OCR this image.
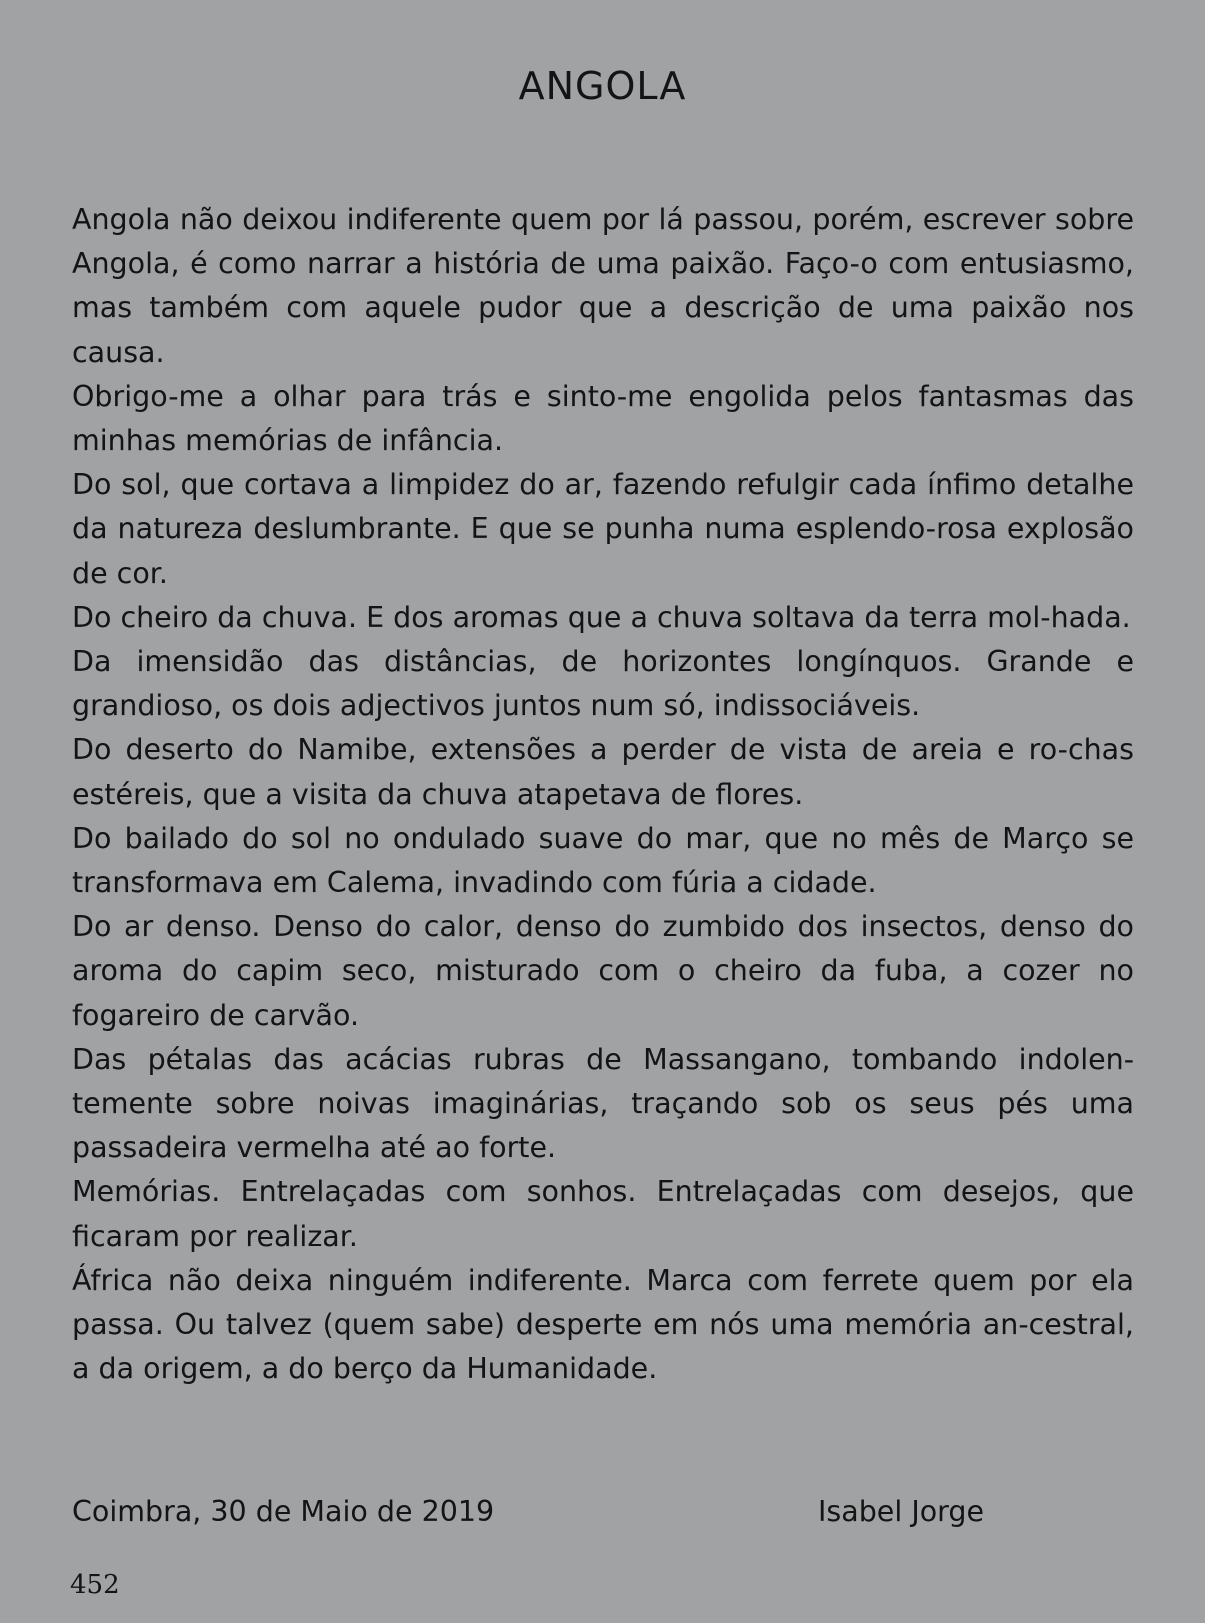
ANGOLA

Angola não deixou indiferente quem por lá passou, porém, escrever sobre Angola, é como narrar a história de uma paixão. Faço-o com entusiasmo, mas também com aquele pudor que a descrição de uma paixão nos causa.

Obrigo-me a olhar para trás e sinto-me engolida pelos fantasmas das minhas memórias de infância.

Do sol, que cortava a limpidez do ar, fazendo refulgir cada ínfimo detalhe da natureza deslumbrante. E que se punha numa esplendo-rosa explosão de cor.

Do cheiro da chuva. E dos aromas que a chuva soltava da terra mol-hada.

Da imensidão das distâncias, de horizontes longínquos. Grande e grandioso, os dois adjectivos juntos num só, indissociáveis.

Do deserto do Namibe, extensões a perder de vista de areia e ro-chas estéreis, que a visita da chuva atapetava de flores.

Do bailado do sol no ondulado suave do mar, que no mês de Março se transformava em Calema, invadindo com fúria a cidade.

Do ar denso. Denso do calor, denso do zumbido dos insectos, denso do aroma do capim seco, misturado com o cheiro da fuba, a cozer no fogareiro de carvão.

Das pétalas das acácias rubras de Massangano, tombando indolen-temente sobre noivas imaginárias, traçando sob os seus pés uma passadeira vermelha até ao forte.

Memórias. Entrelaçadas com sonhos. Entrelaçadas com desejos, que ficaram por realizar.

África não deixa ninguém indiferente. Marca com ferrete quem por ela passa. Ou talvez (quem sabe) desperte em nós uma memória an-cestral, a da origem, a do berço da Humanidade.

Coimbra, 30 de Maio de 2019	Isabel Jorge
452
